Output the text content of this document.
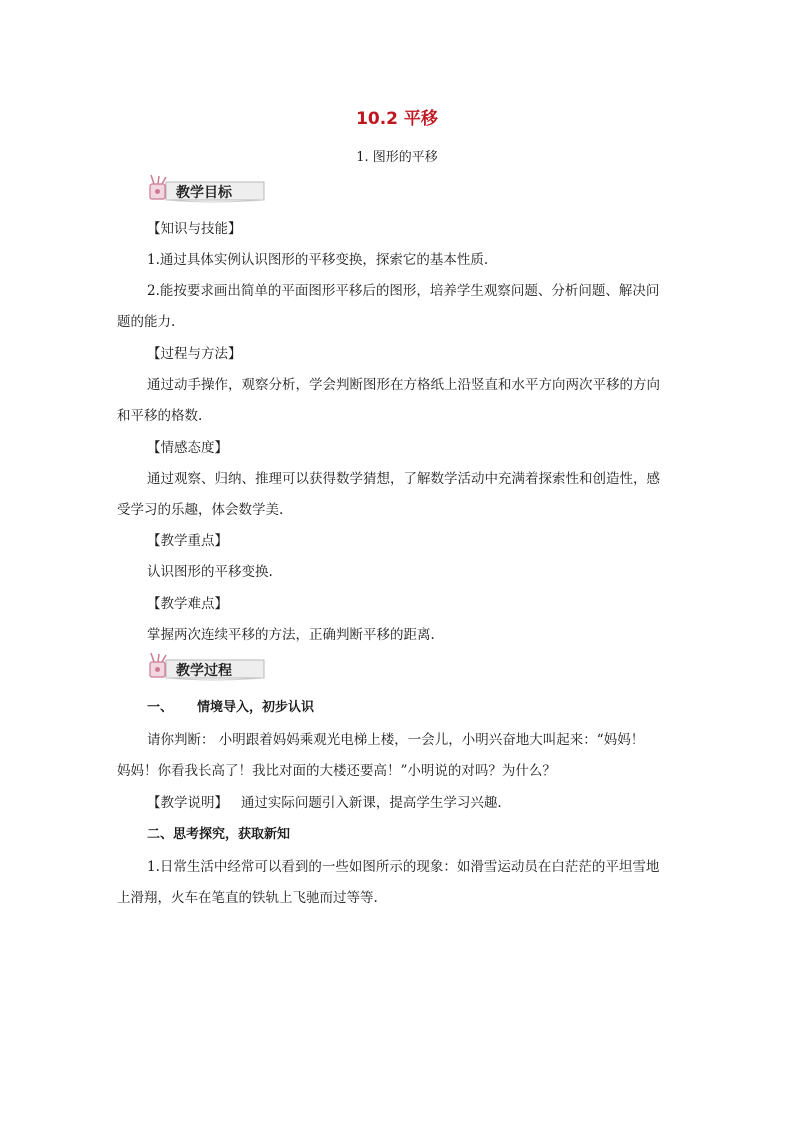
10.2 平移
1. 图形的平移
教学目标
【知识与技能】
1.通过具体实例认识图形的平移变换，探索它的基本性质.
2.能按要求画出简单的平面图形平移后的图形，培养学生观察问题、分析问题、解决问
题的能力.
【过程与方法】
通过动手操作，观察分析，学会判断图形在方格纸上沿竖直和水平方向两次平移的方向
和平移的格数.
【情感态度】
通过观察、归纳、推理可以获得数学猜想，了解数学活动中充满着探索性和创造性，感
受学习的乐趣，体会数学美.
【教学重点】
认识图形的平移变换.
【教学难点】
掌握两次连续平移的方法，正确判断平移的距离.
教学过程
一、 情境导入，初步认识
请你判断： 小明跟着妈妈乘观光电梯上楼，一会儿，小明兴奋地大叫起来：“妈妈！
妈妈！你看我长高了！我比对面的大楼还要高！”小明说的对吗？为什么？
【教学说明】 通过实际问题引入新课，提高学生学习兴趣.
二、思考探究，获取新知
1.日常生活中经常可以看到的一些如图所示的现象：如滑雪运动员在白茫茫的平坦雪地
上滑翔，火车在笔直的铁轨上飞驰而过等等.
